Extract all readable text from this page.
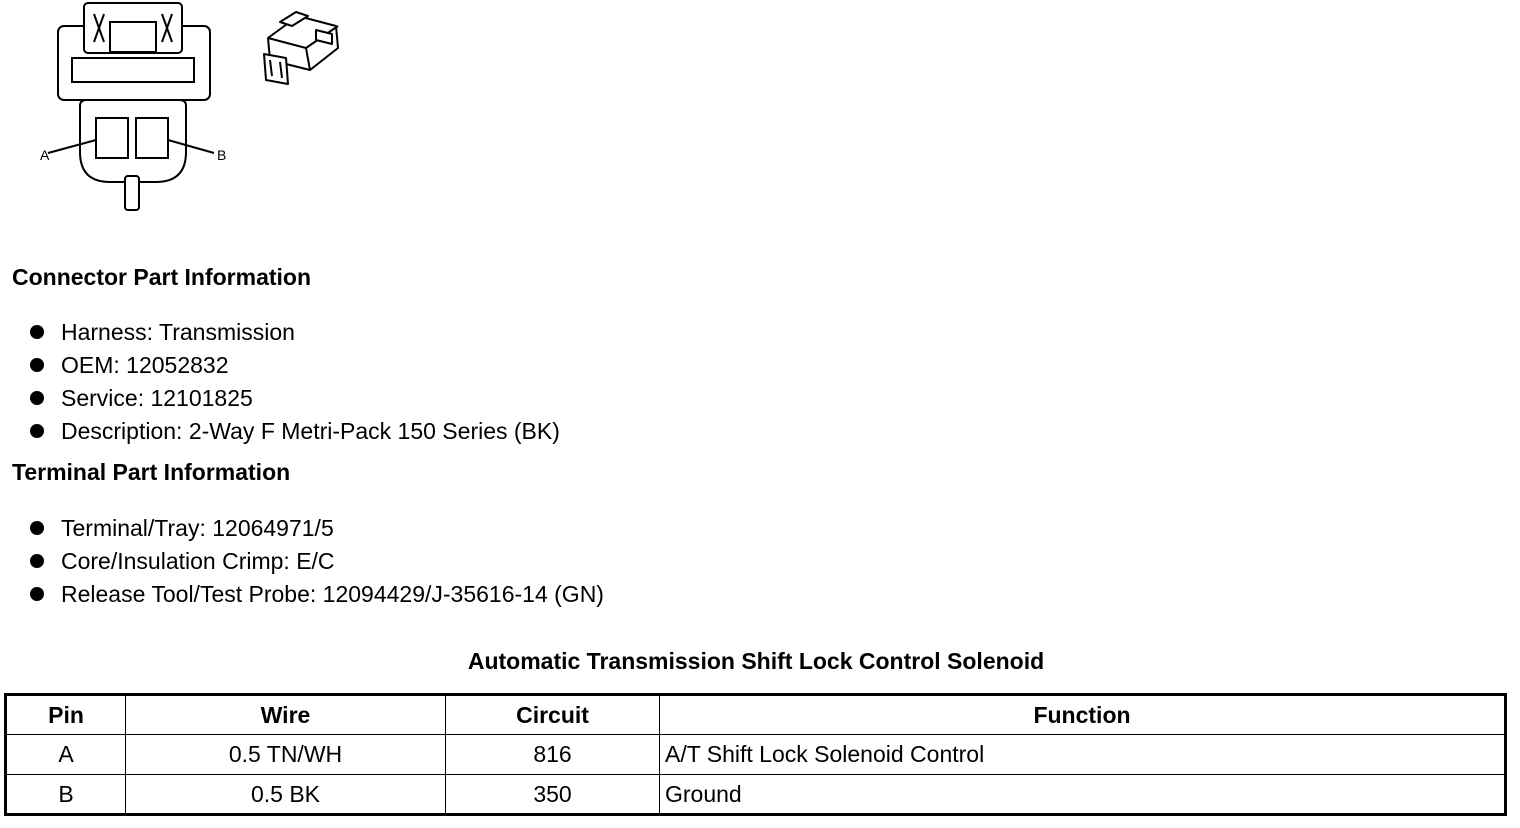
A	B
Connector Part Information
Harness: Transmission
OEM: 12052832
Service: 12101825
Description: 2-Way F Metri-Pack 150 Series (BK)
Terminal Part Information
Terminal/Tray: 12064971/5
Core/Insulation Crimp: E/C
Release Tool/Test Probe: 12094429/J-35616-14 (GN)
Automatic Transmission Shift Lock Control Solenoid
Pin	Wire	Circuit	Function
A	0.5 TN/WH	816	A/T Shift Lock Solenoid Control
B	0.5 BK	350	Ground
